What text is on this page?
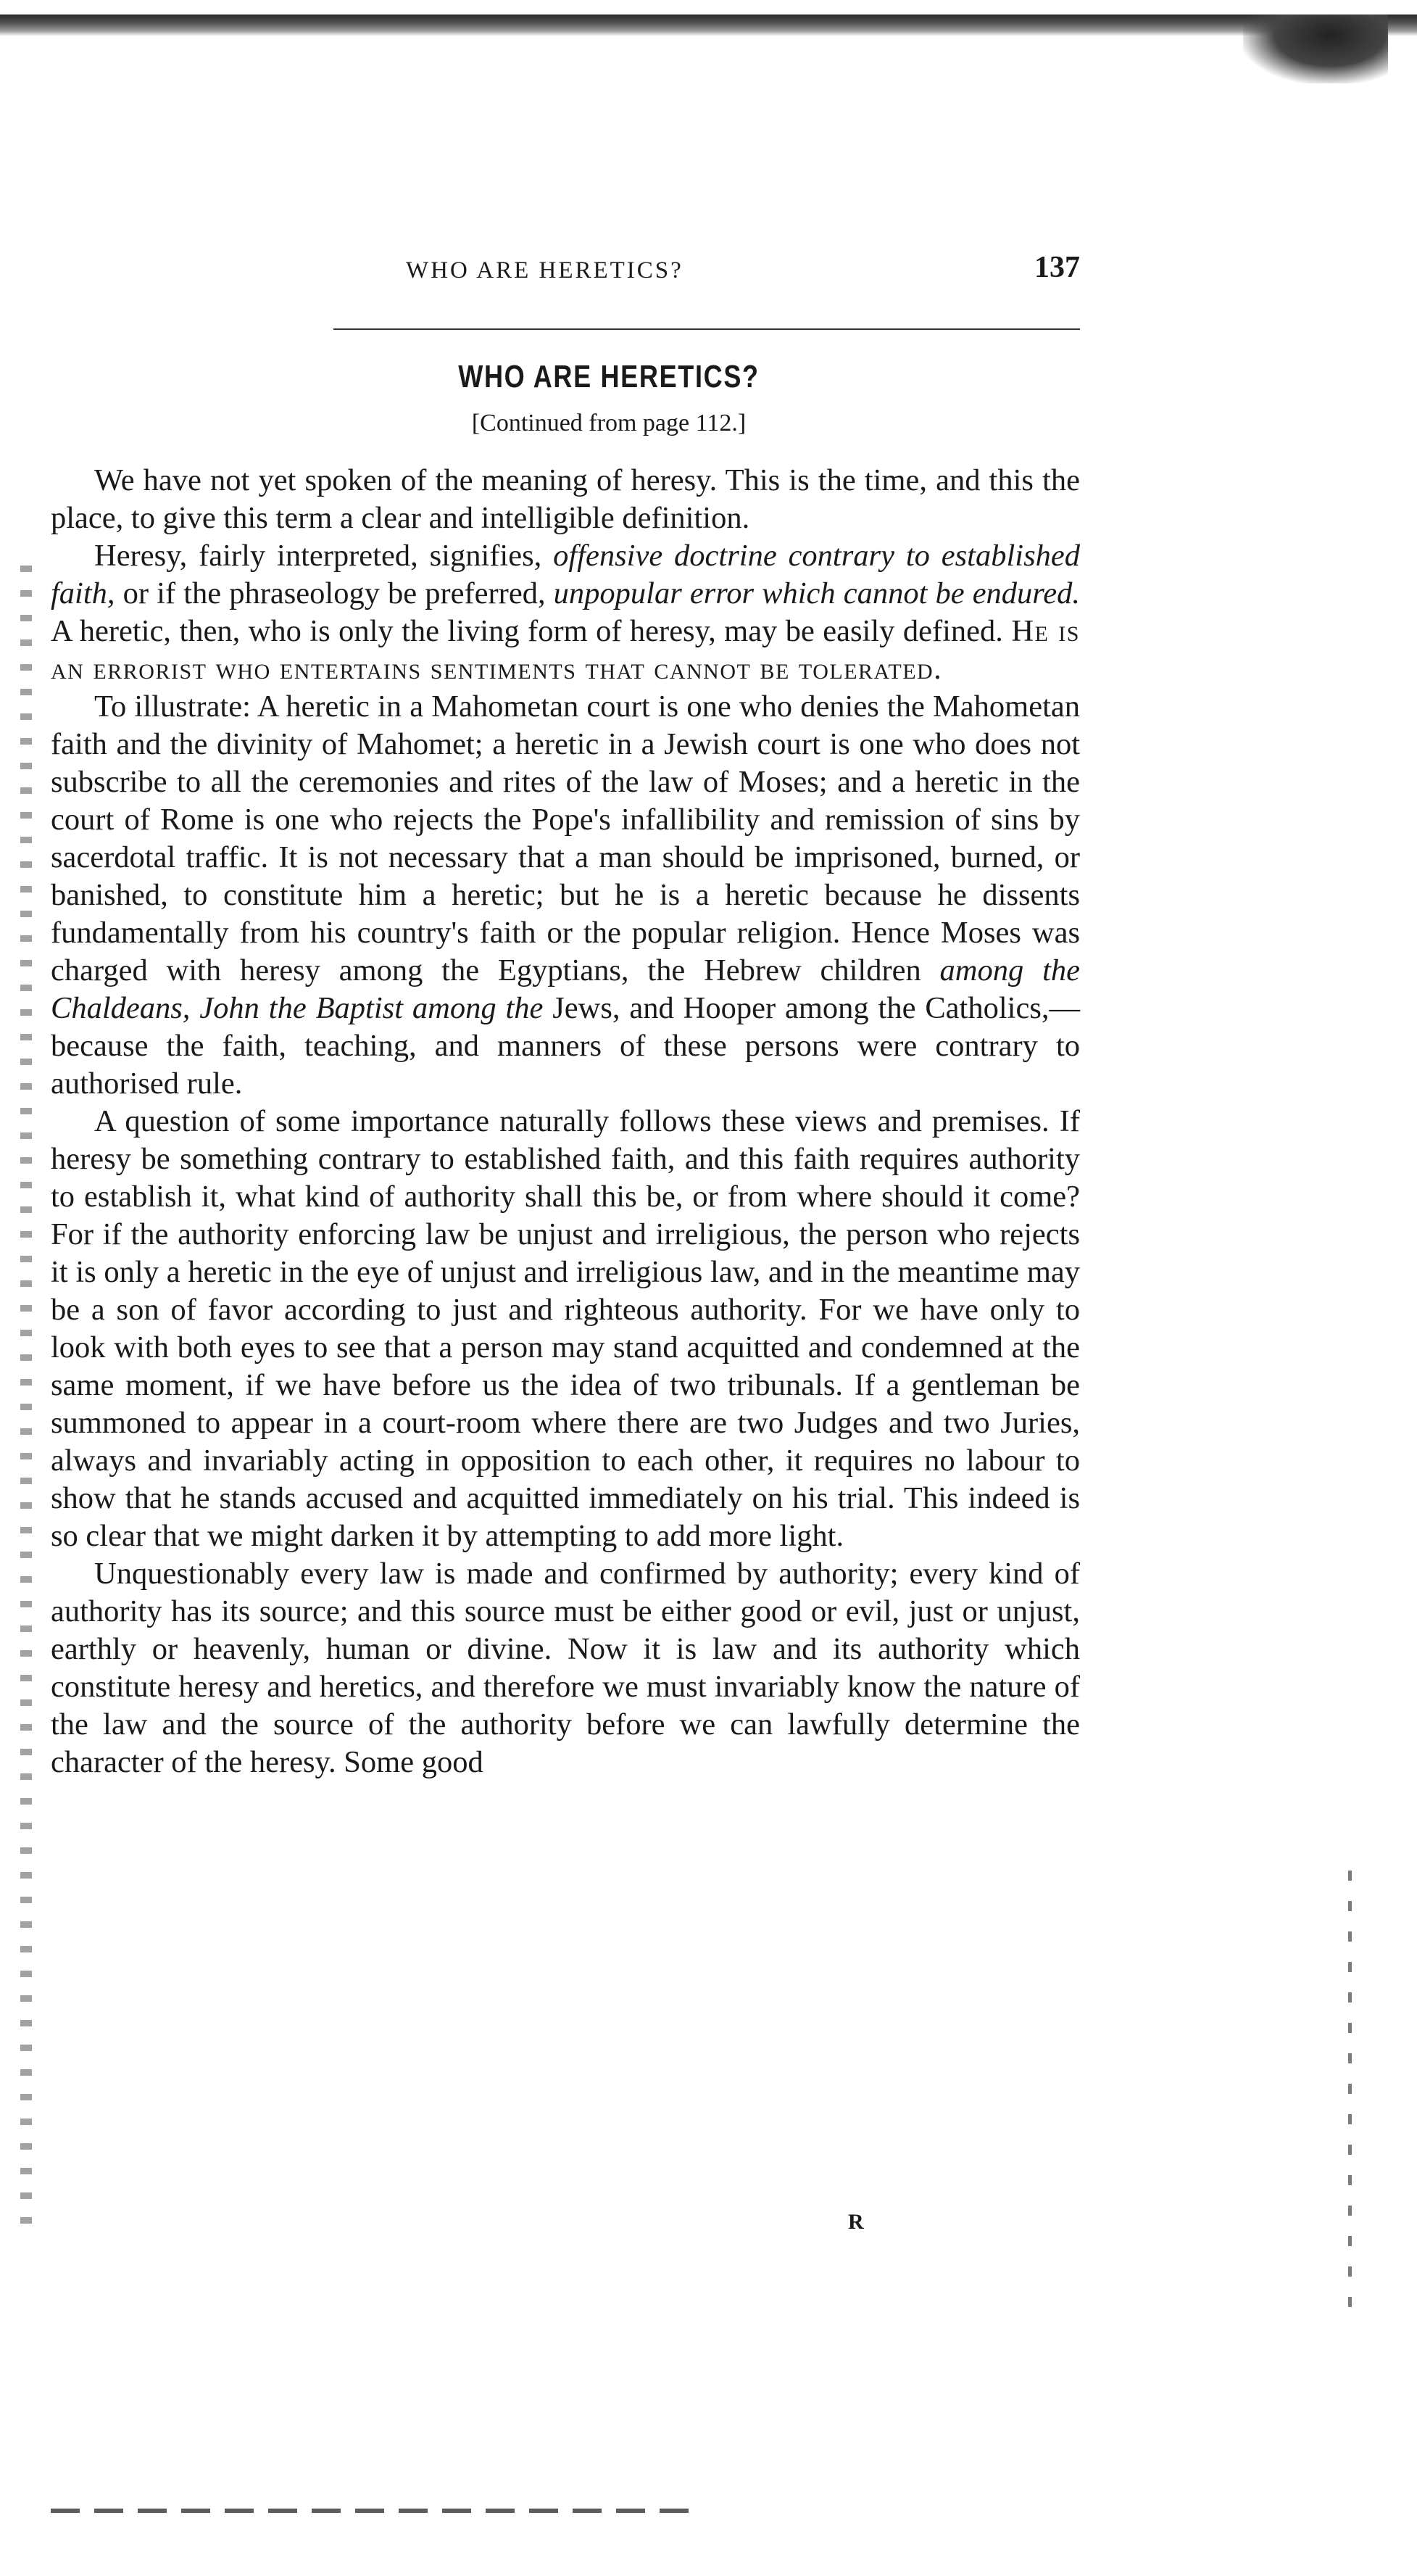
WHO ARE HERETICS?	137
WHO ARE HERETICS?
[Continued from page 112.]

We have not yet spoken of the meaning of heresy. This is the time, and this the place, to give this term a clear and intelligible definition.

Heresy, fairly interpreted, signifies, offensive doctrine contrary to established faith, or if the phraseology be preferred, unpopular error which cannot be endured. A heretic, then, who is only the living form of heresy, may be easily defined. He is an errorist who entertains sentiments that cannot be tolerated.

To illustrate: A heretic in a Mahometan court is one who denies the Mahometan faith and the divinity of Mahomet; a heretic in a Jewish court is one who does not subscribe to all the ceremonies and rites of the law of Moses; and a heretic in the court of Rome is one who rejects the Pope's infallibility and remission of sins by sacerdotal traffic. It is not necessary that a man should be imprisoned, burned, or banished, to constitute him a heretic; but he is a heretic because he dissents fundamentally from his country's faith or the popular religion. Hence Moses was charged with heresy among the Egyptians, the Hebrew children among the Chaldeans, John the Baptist among the Jews, and Hooper among the Catholics,—because the faith, teaching, and manners of these persons were contrary to authorised rule.

A question of some importance naturally follows these views and premises. If heresy be something contrary to established faith, and this faith requires authority to establish it, what kind of authority shall this be, or from where should it come? For if the authority enforcing law be unjust and irreligious, the person who rejects it is only a heretic in the eye of unjust and irreligious law, and in the meantime may be a son of favor according to just and righteous authority. For we have only to look with both eyes to see that a person may stand acquitted and condemned at the same moment, if we have before us the idea of two tribunals. If a gentleman be summoned to appear in a court-room where there are two Judges and two Juries, always and invariably acting in opposition to each other, it requires no labour to show that he stands accused and acquitted immediately on his trial. This indeed is so clear that we might darken it by attempting to add more light.

Unquestionably every law is made and confirmed by authority; every kind of authority has its source; and this source must be either good or evil, just or unjust, earthly or heavenly, human or divine. Now it is law and its authority which constitute heresy and heretics, and therefore we must invariably know the nature of the law and the source of the authority before we can lawfully determine the character of the heresy. Some good

R
